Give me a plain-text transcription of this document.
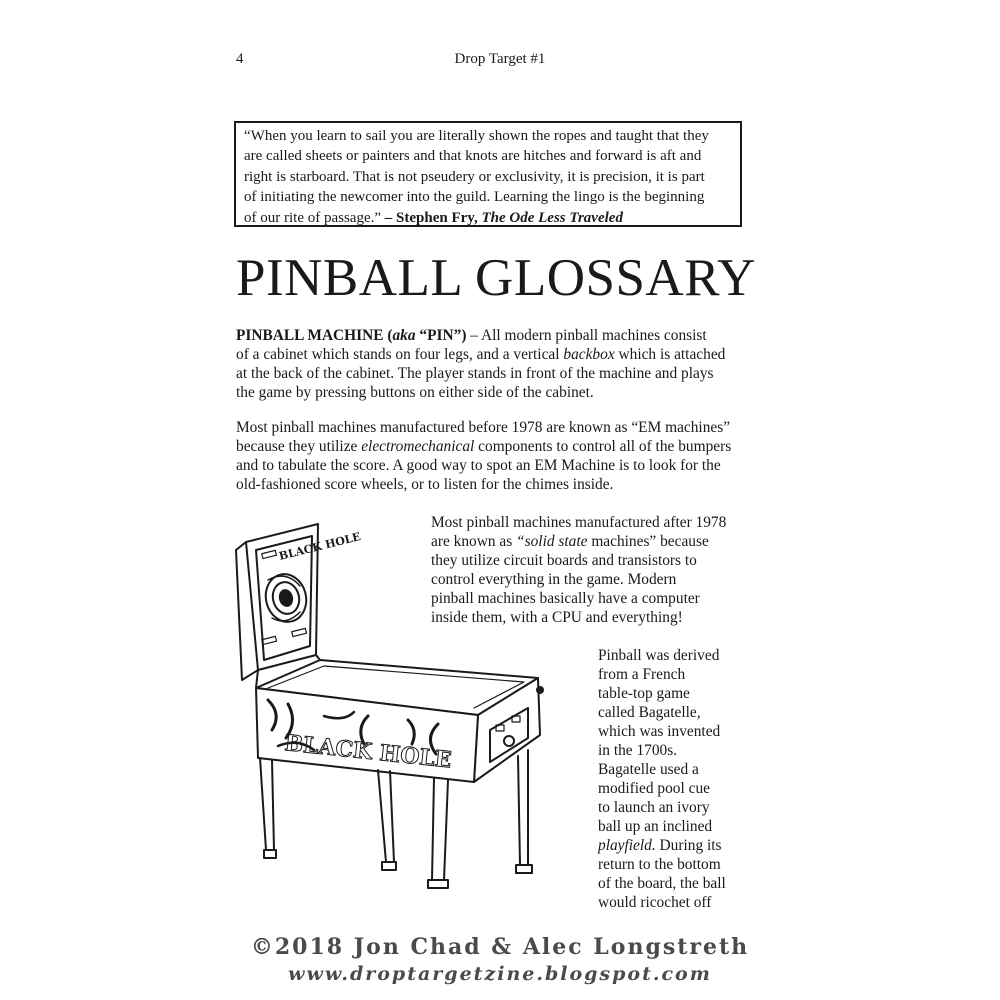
4	Drop Target #1
“When you learn to sail you are literally shown the ropes and taught that they
are called sheets or painters and that knots are hitches and forward is aft and
right is starboard. That is not pseudery or exclusivity, it is precision, it is part
of initiating the newcomer into the guild. Learning the lingo is the beginning
of our rite of passage.” – Stephen Fry, The Ode Less Traveled
PINBALL GLOSSARY
PINBALL MACHINE (aka “PIN”) – All modern pinball machines consist
of a cabinet which stands on four legs, and a vertical backbox which is attached
at the back of the cabinet. The player stands in front of the machine and plays
the game by pressing buttons on either side of the cabinet.
Most pinball machines manufactured before 1978 are known as “EM machines”
because they utilize electromechanical components to control all of the bumpers
and to tabulate the score. A good way to spot an EM Machine is to look for the
old-fashioned score wheels, or to listen for the chimes inside.
Most pinball machines manufactured after 1978
are known as “solid state machines” because
they utilize circuit boards and transistors to
control everything in the game. Modern
pinball machines basically have a computer
inside them, with a CPU and everything!
Pinball was derived
from a French
table-top game
called Bagatelle,
which was invented
in the 1700s.
Bagatelle used a
modified pool cue
to launch an ivory
ball up an inclined
playfield. During its
return to the bottom
of the board, the ball
would ricochet off
BLACK HOLE
BLACK HOLE
©2018 Jon Chad & Alec Longstreth
www.droptargetzine.blogspot.com
